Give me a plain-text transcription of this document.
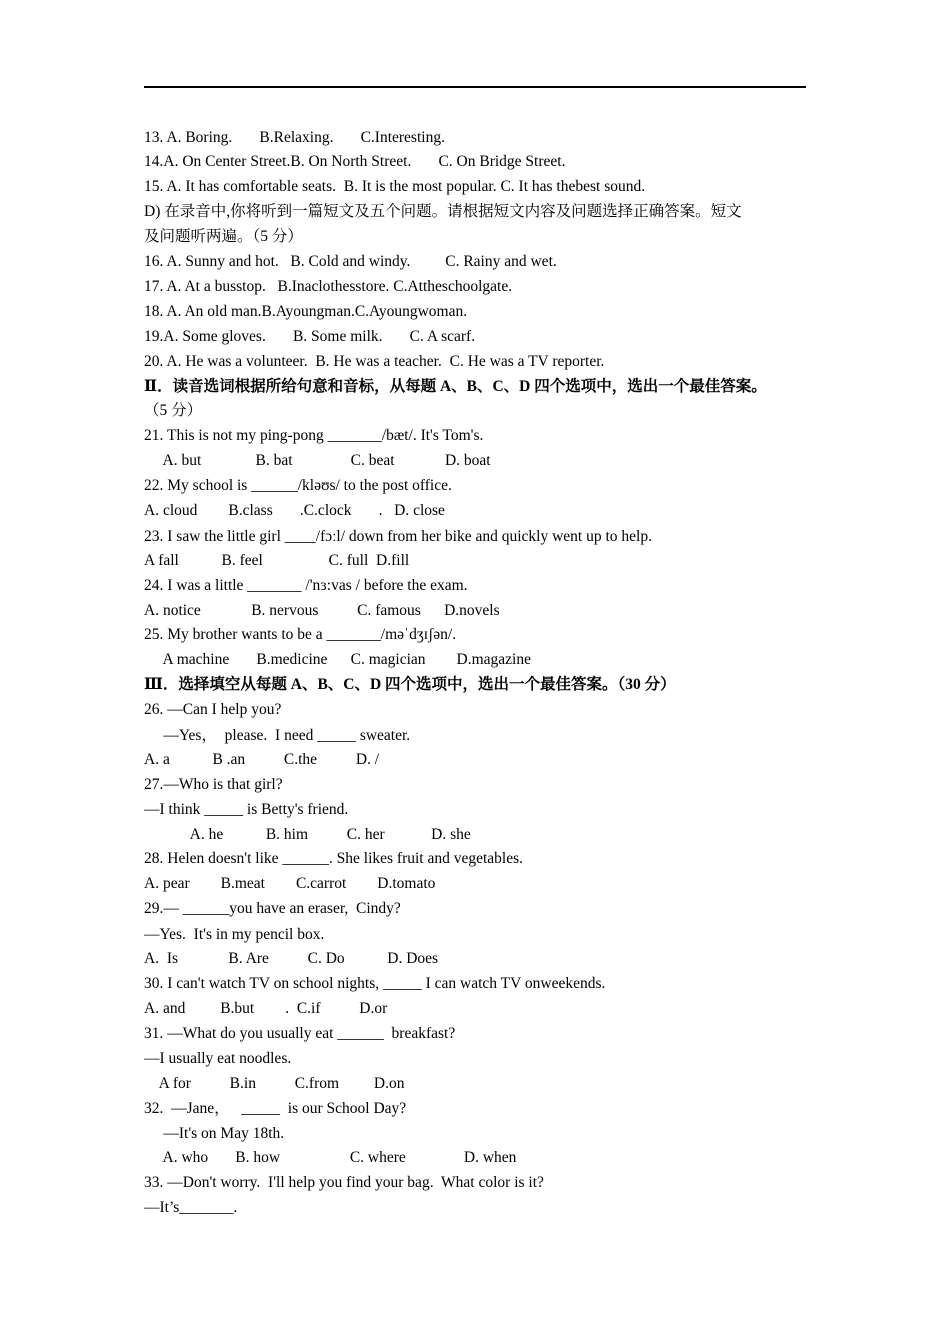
13. A. Boring.       B.Relaxing.       C.Interesting.
14.A. On Center Street.B. On North Street.       C. On Bridge Street.
15. A. It has comfortable seats.  B. It is the most popular. C. It has thebest sound.
D) 在录音中,你将听到一篇短文及五个问题。请根据短文内容及问题选择正确答案。短文
及问题听两遍。（5 分）
16. A. Sunny and hot.   B. Cold and windy.         C. Rainy and wet.
17. A. At a busstop.   B.Inaclothesstore. C.Attheschoolgate.
18. A. An old man.B.Ayoungman.C.Ayoungwoman.
19.A. Some gloves.       B. Some milk.       C. A scarf.
20. A. He was a volunteer.  B. He was a teacher.  C. He was a TV reporter.
Ⅱ．读音选词根据所给句意和音标，从每题 A、B、C、D 四个选项中，选出一个最佳答案。
（5 分）
21. This is not my ping-pong _______/bæt/. It's Tom's.
A. but              B. bat               C. beat             D. boat
22. My school is ______/kləʊs/ to the post office.
A. cloud        B.class       .C.clock       .   D. close
23. I saw the little girl ____/fɔːl/ down from her bike and quickly went up to help.
A fall           B. feel                 C. full  D.fill
24. I was a little _______ /'nɜ:vas / before the exam.
A. notice             B. nervous          C. famous      D.novels
25. My brother wants to be a _______/məˈdʒɪʃən/.
A machine       B.medicine      C. magician        D.magazine
Ⅲ．选择填空从每题 A、B、C、D 四个选项中，选出一个最佳答案。（30 分）
26. —Can I help you?
—Yes，  please.  I need _____ sweater.
A. a           B .an          C.the          D. /
27.—Who is that girl?
—I think _____ is Betty's friend.
A. he           B. him          C. her            D. she
28. Helen doesn't like ______. She likes fruit and vegetables.
A. pear        B.meat        C.carrot        D.tomato
29.— ______you have an eraser,  Cindy?
—Yes.  It's in my pencil box.
A.  Is             B. Are          C. Do           D. Does
30. I can't watch TV on school nights, _____ I can watch TV onweekends.
A. and         B.but        .  C.if          D.or
31. —What do you usually eat ______  breakfast?
—I usually eat noodles.
A for          B.in          C.from         D.on
32.  —Jane，   _____  is our School Day?
—It's on May 18th.
A. who       B. how                  C. where               D. when
33. —Don't worry.  I'll help you find your bag.  What color is it?
—It’s_______.
